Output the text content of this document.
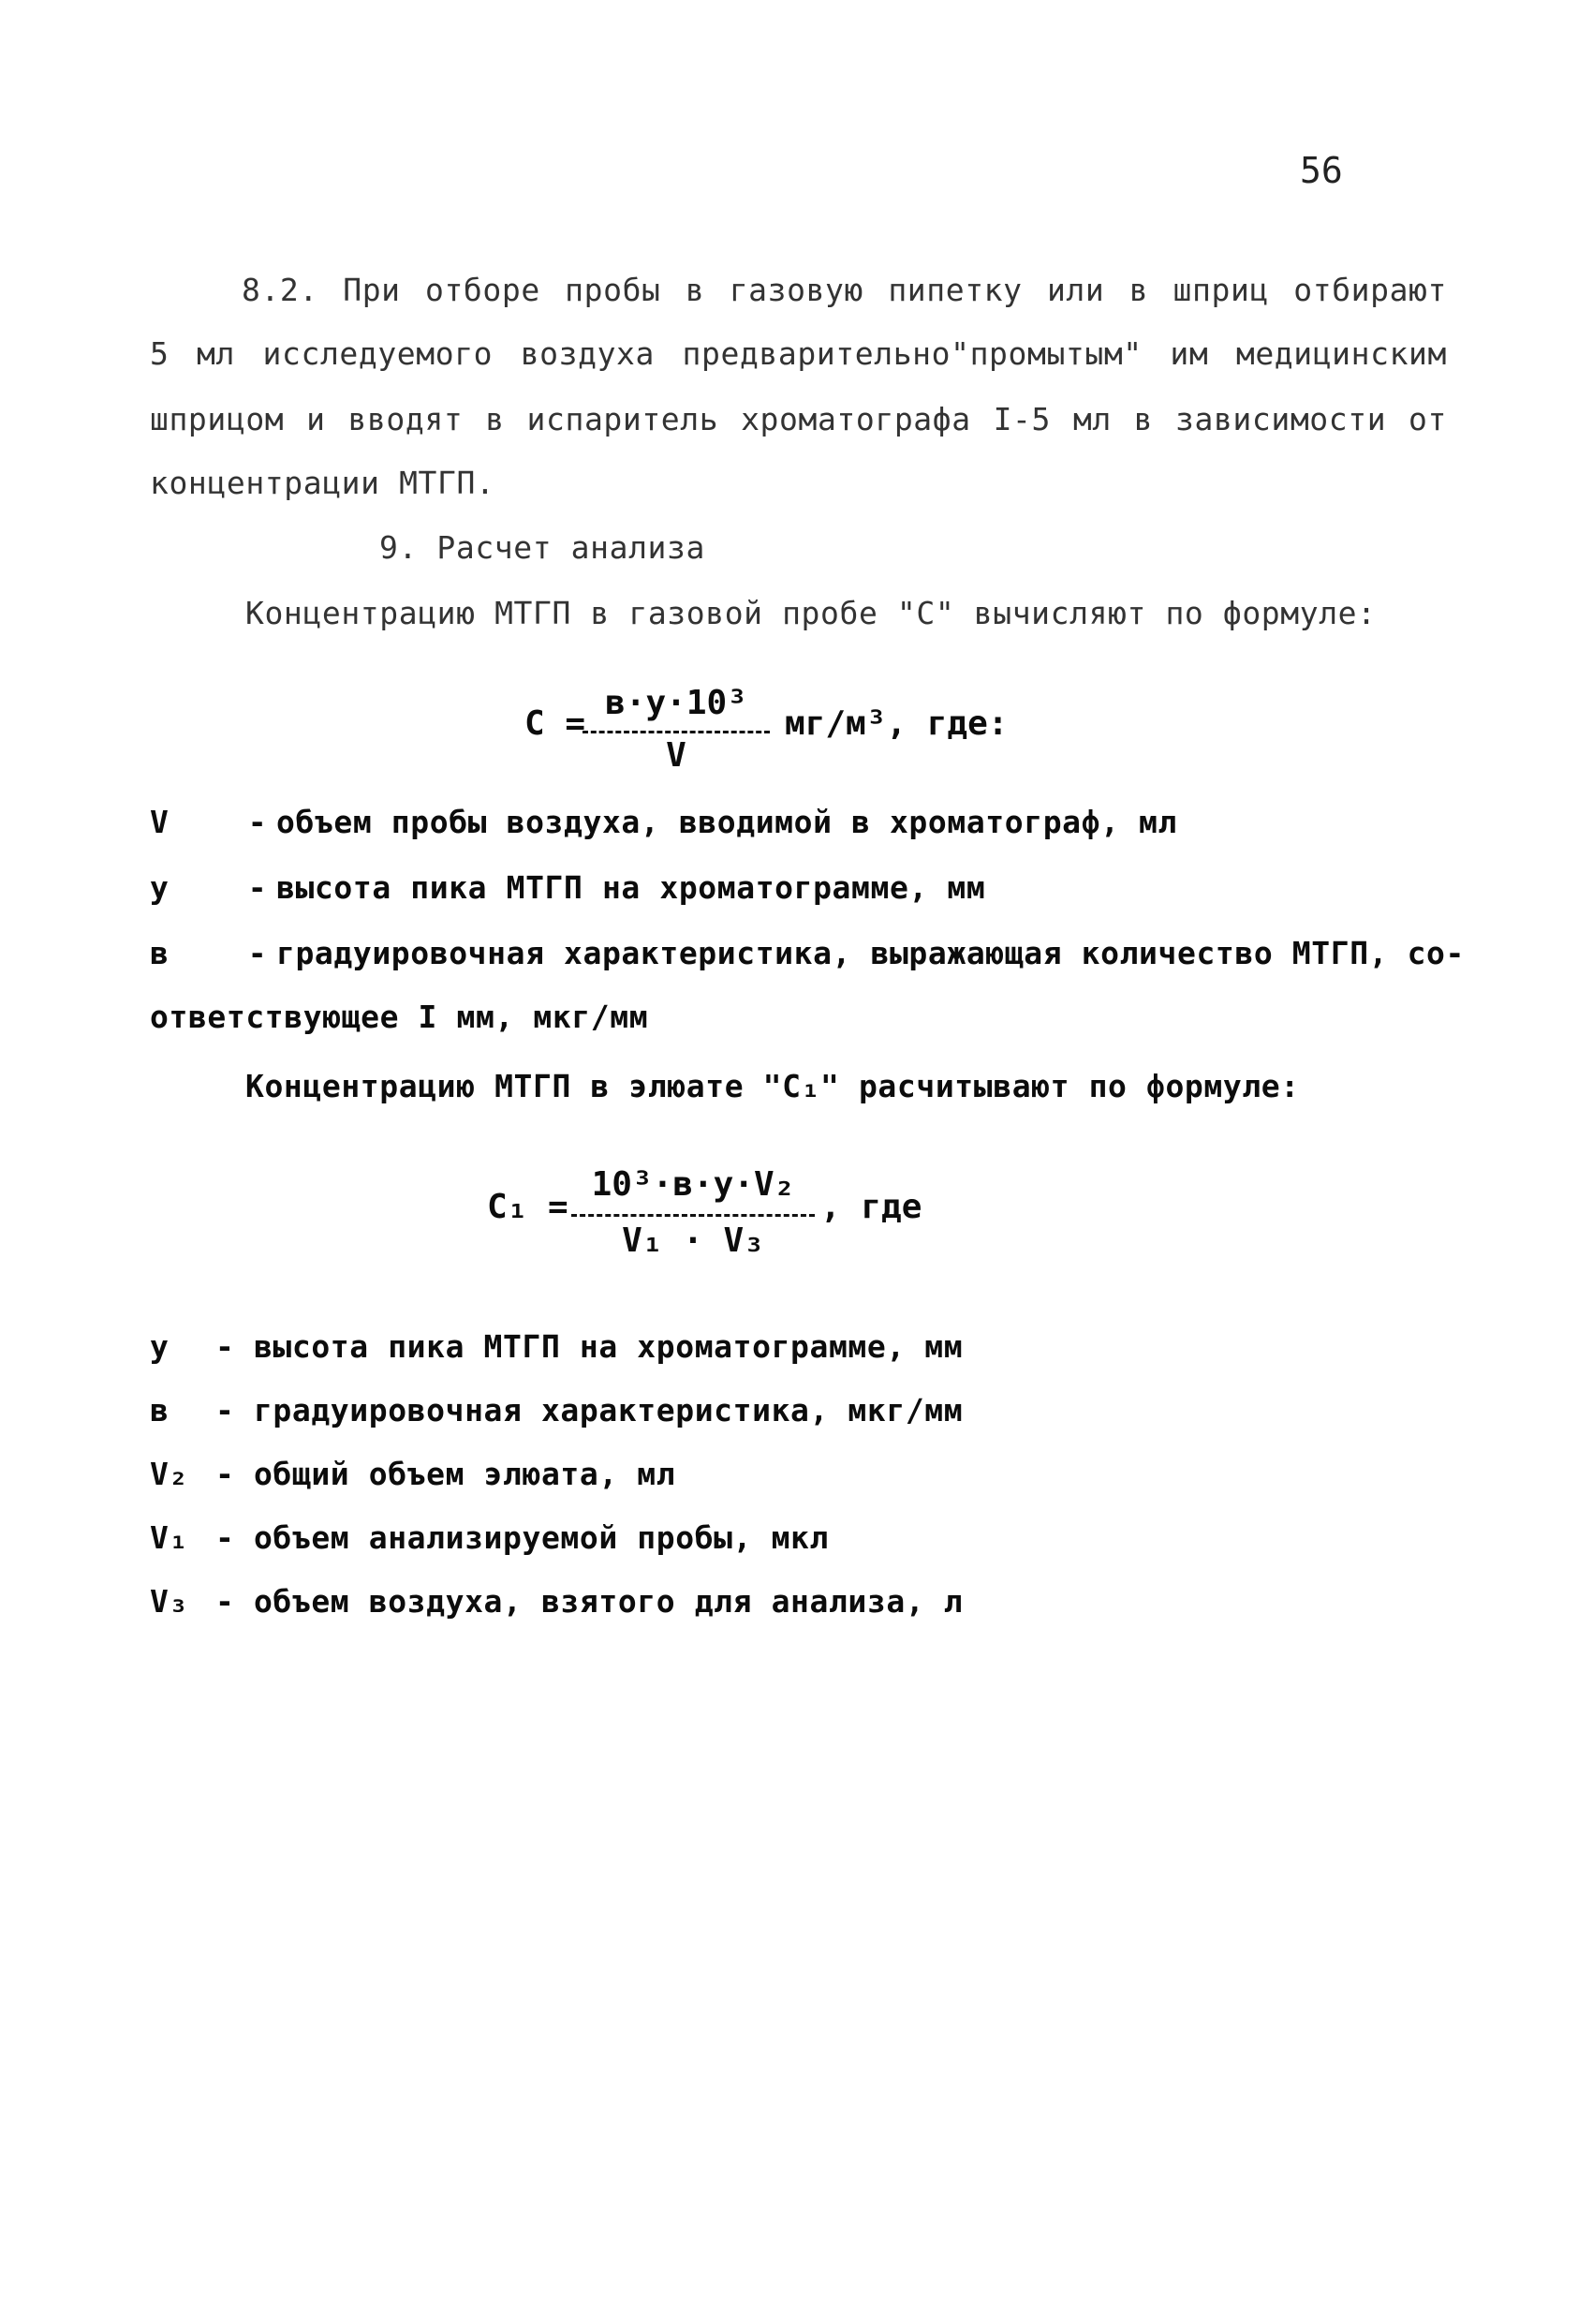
56
8.2. При отборе пробы в газовую пипетку или в шприц отбирают
5 мл исследуемого воздуха предварительно"промытым" им медицинским
шприцом и вводят в испаритель хроматографа I-5 мл в зависимости от
концентрации МТГП.
9. Расчет анализа
Концентрацию МТГП в газовой пробе "С" вычисляют по формуле:
С =
в·у·10³
V
мг/м³, где:
V	- объем пробы воздуха, вводимой в хроматограф, мл
у	- высота пика МТГП на хроматограмме, мм
в	- градуировочная характеристика, выражающая количество МТГП, со-
ответствующее I мм, мкг/мм
Концентрацию МТГП в элюате "С₁" расчитывают по формуле:
С₁ =
10³·в·у·V₂
V₁ · V₃
, где
у - высота пика МТГП на хроматограмме, мм
в - градуировочная характеристика, мкг/мм
V₂ - общий объем элюата, мл
V₁ - объем анализируемой пробы, мкл
V₃ - объем воздуха, взятого для анализа, л
